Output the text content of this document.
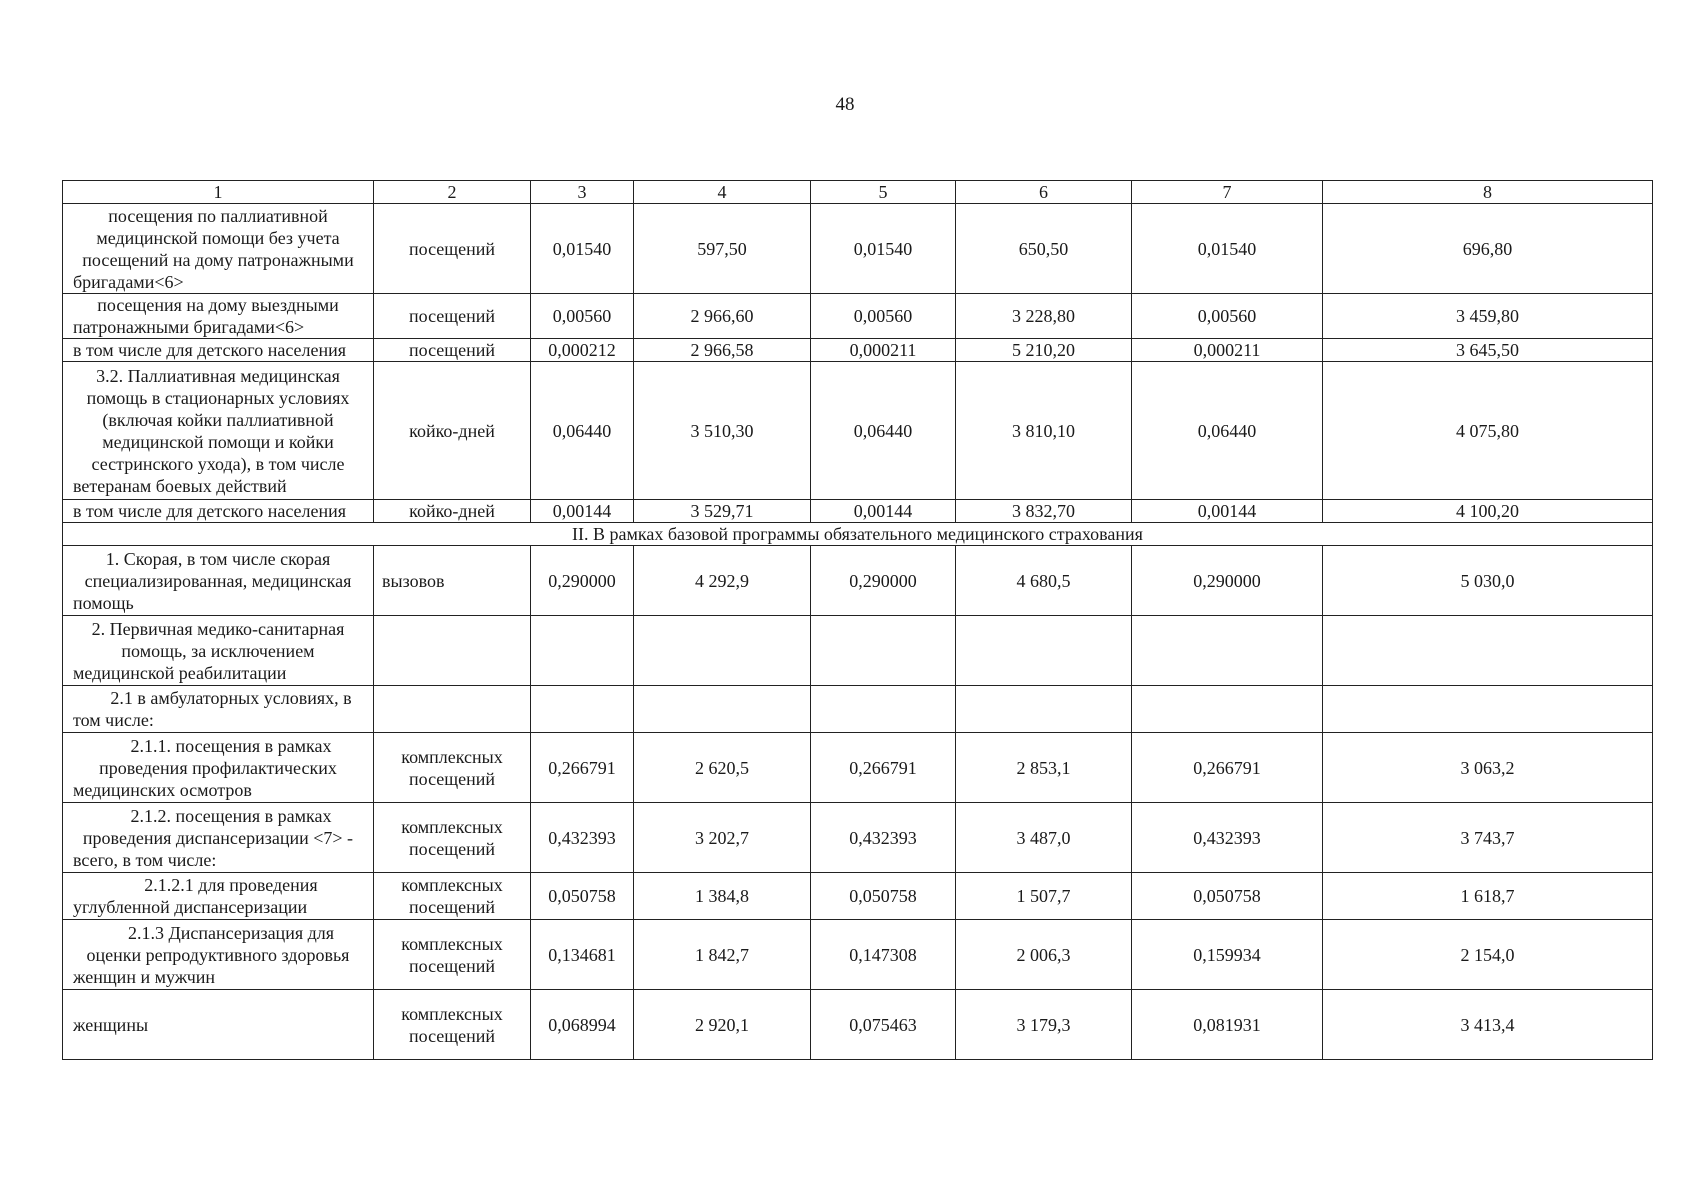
48
1	2	3	4	5	6	7	8
посещения по паллиативной медицинской помощи без учета посещений на дому патронажными бригадами<6>	посещений	0,01540	597,50	0,01540	650,50	0,01540	696,80
посещения на дому выездными патронажными бригадами<6>	посещений	0,00560	2 966,60	0,00560	3 228,80	0,00560	3 459,80
в том числе для детского населения	посещений	0,000212	2 966,58	0,000211	5 210,20	0,000211	3 645,50
3.2. Паллиативная медицинская помощь в стационарных условиях (включая койки паллиативной медицинской помощи и койки сестринского ухода), в том числе ветеранам боевых действий	койко-дней	0,06440	3 510,30	0,06440	3 810,10	0,06440	4 075,80
в том числе для детского населения	койко-дней	0,00144	3 529,71	0,00144	3 832,70	0,00144	4 100,20
II. В рамках базовой программы обязательного медицинского страхования							
1. Скорая, в том числе скорая специализированная, медицинская помощь	вызовов	0,290000	4 292,9	0,290000	4 680,5	0,290000	5 030,0
2. Первичная медико-санитарная помощь, за исключением медицинской реабилитации							
2.1 в амбулаторных условиях, в том числе:							
2.1.1. посещения в рамках проведения профилактических медицинских осмотров	комплексных посещений	0,266791	2 620,5	0,266791	2 853,1	0,266791	3 063,2
2.1.2. посещения в рамках проведения диспансеризации <7> - всего, в том числе:	комплексных посещений	0,432393	3 202,7	0,432393	3 487,0	0,432393	3 743,7
2.1.2.1 для проведения углубленной диспансеризации	комплексных посещений	0,050758	1 384,8	0,050758	1 507,7	0,050758	1 618,7
2.1.3 Диспансеризация для оценки репродуктивного здоровья женщин и мужчин	комплексных посещений	0,134681	1 842,7	0,147308	2 006,3	0,159934	2 154,0
женщины	комплексных посещений	0,068994	2 920,1	0,075463	3 179,3	0,081931	3 413,4
